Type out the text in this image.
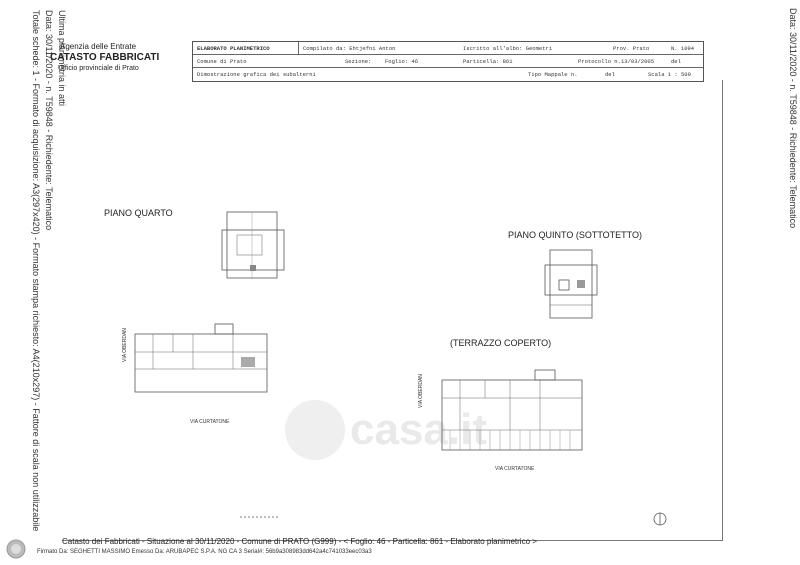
Ultima planimetria in atti
Data: 30/11/2020 - n. T59848 - Richiedente: Telematico
Totale schede: 1 - Formato di acquisizione: A3(297x420) - Formato stampa richiesto: A4(210x297) - Fattore di scala non utilizzabile	Data: 30/11/2020 - n. T59848 - Richiedente: Telematico
Agenzia delle Entrate
CATASTO FABBRICATI
Ufficio provinciale di Prato
ELABORATO PLANIMETRICO	Compilato da: Ehtjefni Anton	Iscritto all'albo: Geometri	Prov. Prato	N. 1094
Comune di Prato	Sezione: Foglio: 46	Particella: 861	Protocollo n. 13/03/2005	del
Dimostrazione grafica dei subalterni	Tipo Mappale n.	del	Scala 1 : 500
casa.it
PIANO QUARTO
PIANO QUINTO (SOTTOTETTO)
(TERRAZZO COPERTO)
VIA CURTATONE
VIA OBERDAN
VIA CURTATONE
VIA OBERDAN
Catasto dei Fabbricati - Situazione al 30/11/2020 - Comune di PRATO (G999) - < Foglio: 46 - Particella: 861 - Elaborato planimetrico >
Firmato Da: SEGHETTI MASSIMO Emesso Da: ARUBAPEC S.P.A. NG CA 3 Serial#: 56b9a308983dd642a4c741033eec03a3
